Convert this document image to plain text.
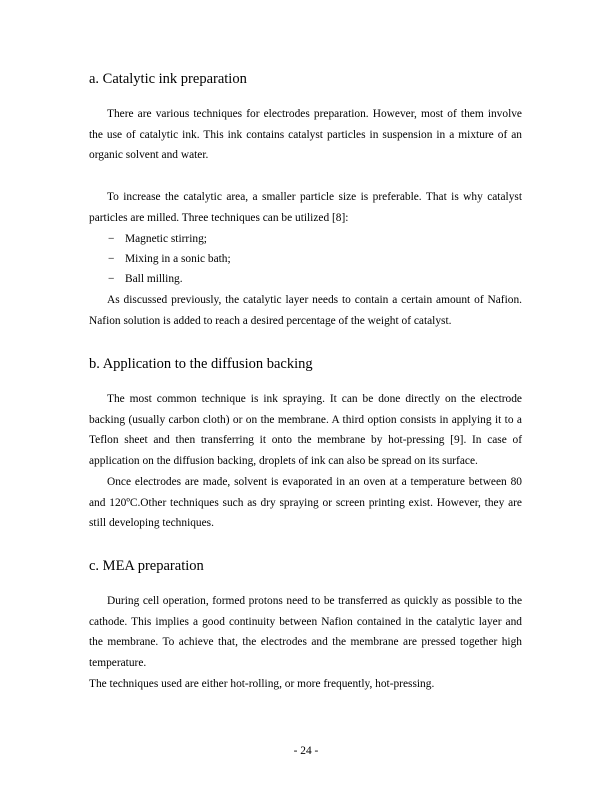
a. Catalytic ink preparation

There are various techniques for electrodes preparation. However, most of them involve the use of catalytic ink. This ink contains catalyst particles in suspension in a mixture of an organic solvent and water.

To increase the catalytic area, a smaller particle size is preferable. That is why catalyst particles are milled. Three techniques can be utilized [8]:

− Magnetic stirring;
− Mixing in a sonic bath;
− Ball milling.

As discussed previously, the catalytic layer needs to contain a certain amount of Nafion. Nafion solution is added to reach a desired percentage of the weight of catalyst.

b. Application to the diffusion backing

The most common technique is ink spraying. It can be done directly on the electrode backing (usually carbon cloth) or on the membrane. A third option consists in applying it to a Teflon sheet and then transferring it onto the membrane by hot-pressing [9]. In case of application on the diffusion backing, droplets of ink can also be spread on its surface.

Once electrodes are made, solvent is evaporated in an oven at a temperature between 80 and 120ºC.Other techniques such as dry spraying or screen printing exist. However, they are still developing techniques.

c. MEA preparation

During cell operation, formed protons need to be transferred as quickly as possible to the cathode. This implies a good continuity between Nafion contained in the catalytic layer and the membrane. To achieve that, the electrodes and the membrane are pressed together high temperature.

The techniques used are either hot-rolling, or more frequently, hot-pressing.

- 24 -
